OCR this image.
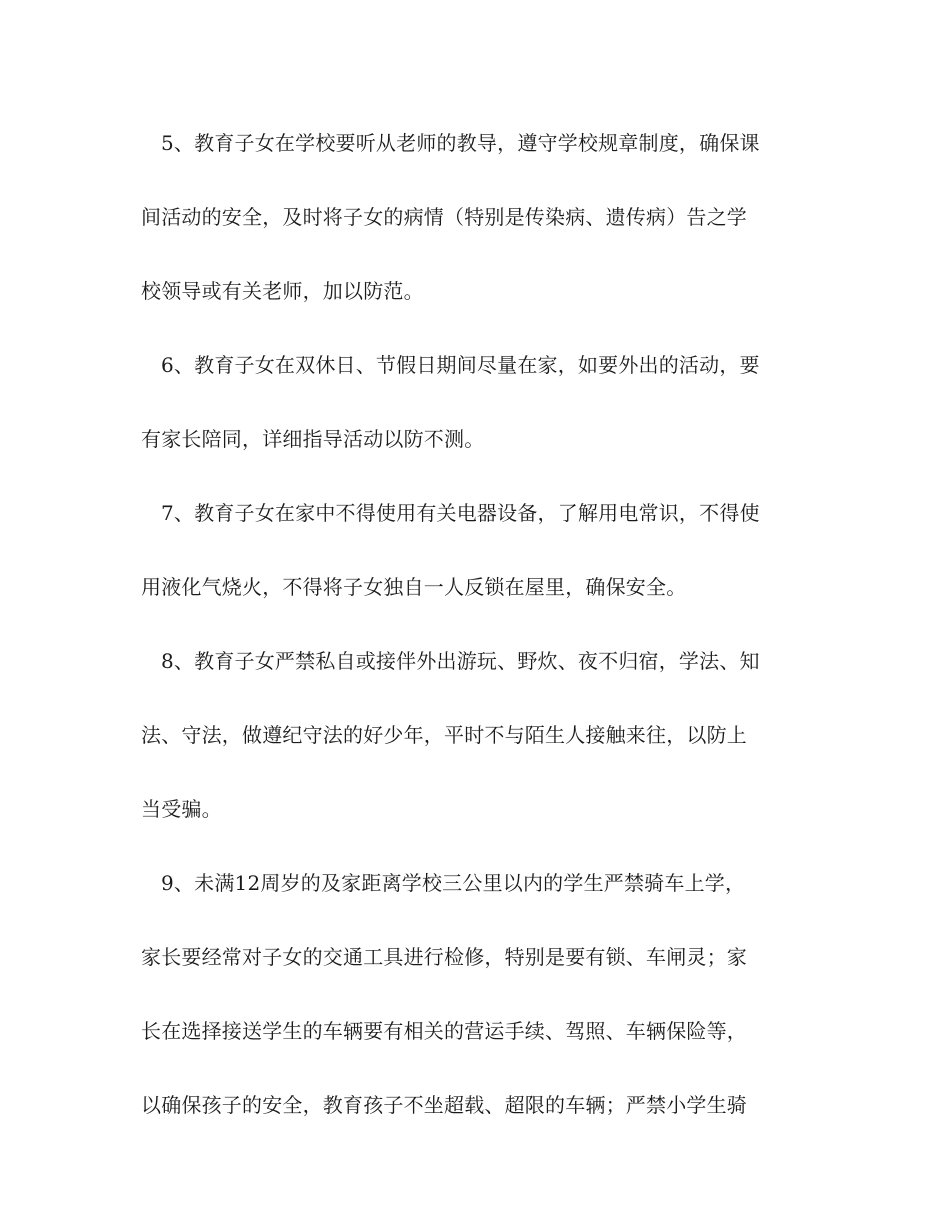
5、教育子女在学校要听从老师的教导，遵守学校规章制度，确保课
间活动的安全，及时将子女的病情（特别是传染病、遗传病）告之学
校领导或有关老师，加以防范。
6、教育子女在双休日、节假日期间尽量在家，如要外出的活动，要
有家长陪同，详细指导活动以防不测。
7、教育子女在家中不得使用有关电器设备，了解用电常识，不得使
用液化气烧火，不得将子女独自一人反锁在屋里，确保安全。
8、教育子女严禁私自或接伴外出游玩、野炊、夜不归宿，学法、知
法、守法，做遵纪守法的好少年，平时不与陌生人接触来往，以防上
当受骗。
9、未满12周岁的及家距离学校三公里以内的学生严禁骑车上学，
家长要经常对子女的交通工具进行检修，特别是要有锁、车闸灵；家
长在选择接送学生的车辆要有相关的营运手续、驾照、车辆保险等，
以确保孩子的安全，教育孩子不坐超载、超限的车辆；严禁小学生骑
